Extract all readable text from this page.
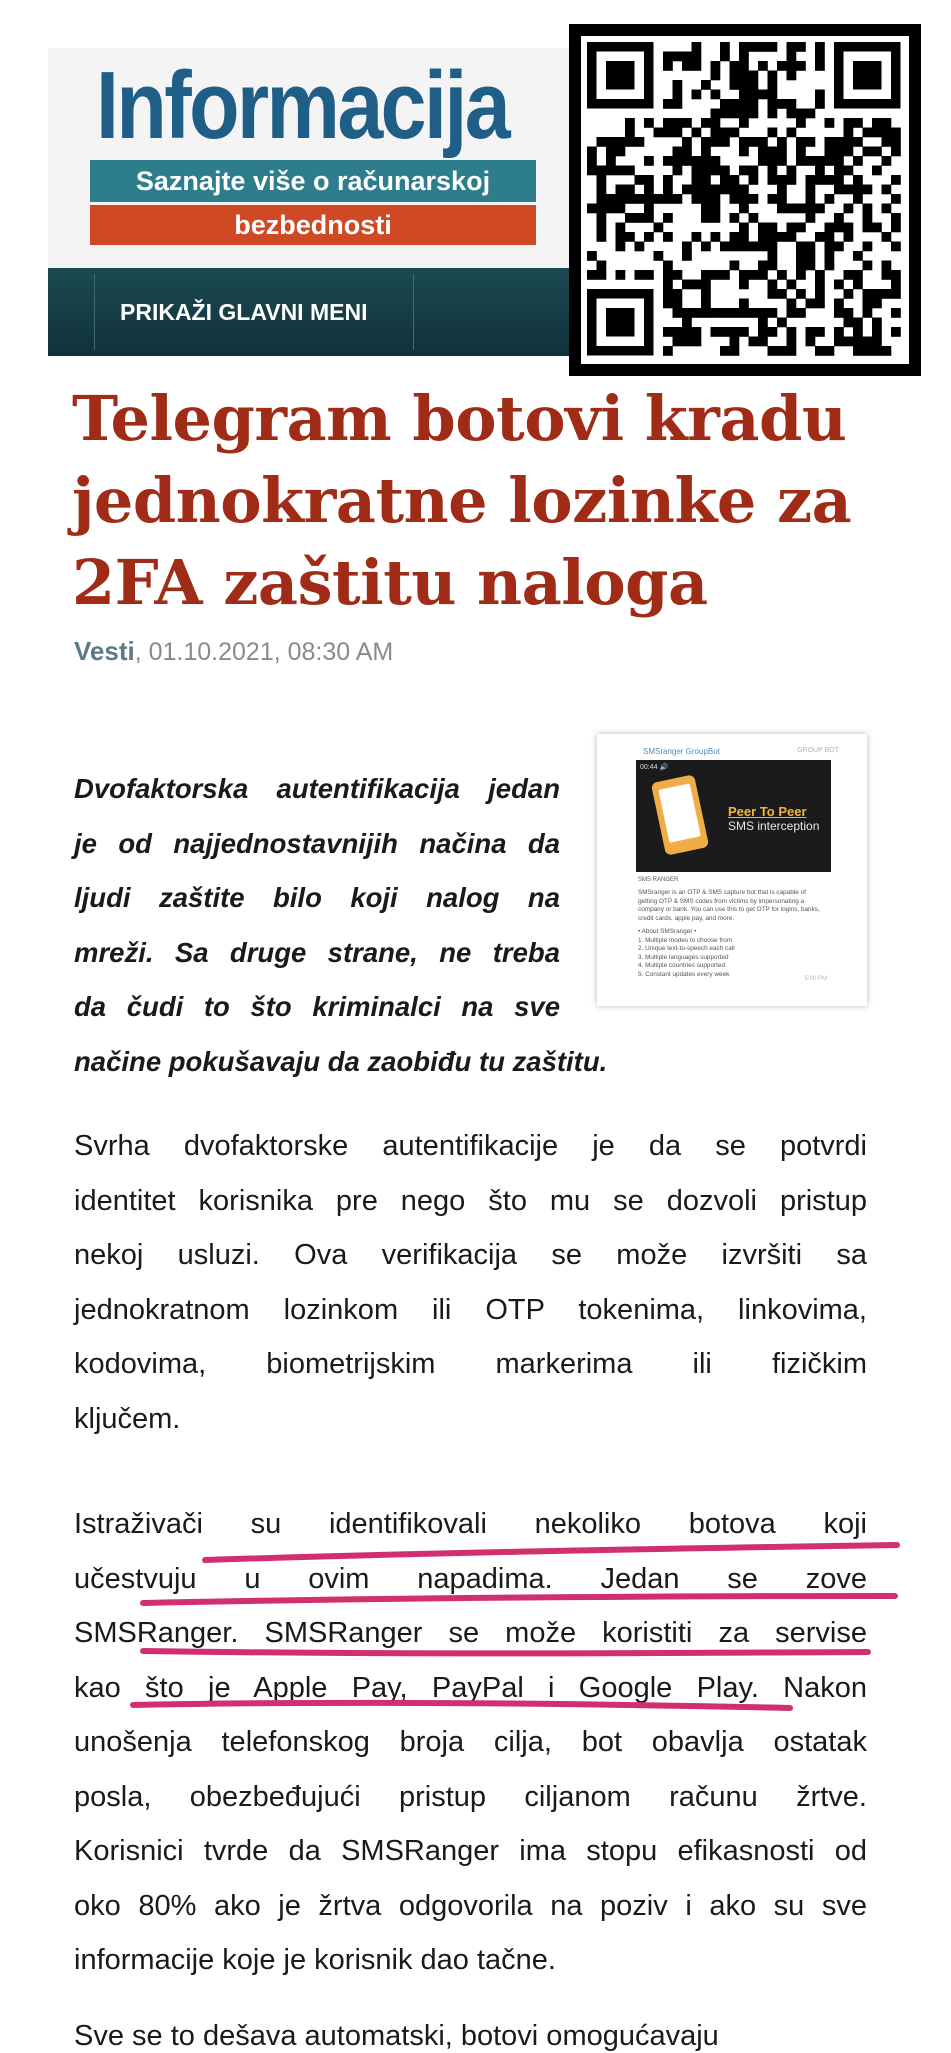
Informacija
Saznajte više o računarskoj
bezbednosti
PRIKAŽI GLAVNI MENI
Telegram botovi kradu jednokratne lozinke za 2FA zaštitu naloga
Vesti, 01.10.2021, 08:30 AM
SMSranger GroupBot	GROUP BOT
00:44 🔊
Peer To Peer
SMS interception
SMS RANGER
SMSranger is an OTP & SMS capture bot that is capable of getting OTP & SMS codes from victims by impersonating a company or bank. You can use this to get OTP for logins, banks, credit cards, apple pay, and more.
• About SMSranger •
1. Multiple modes to choose from
2. Unique text-to-speech each call
3. Multiple languages supported
4. Multiple countries supported
5. Constant updates every week
5:00 PM

Dvofaktorska autentifikacija jedan
je od najjednostavnijih načina da
ljudi zaštite bilo koji nalog na
mreži. Sa druge strane, ne treba
da čudi to što kriminalci na sve
načine pokušavaju da zaobiđu tu zaštitu.

Svrha dvofaktorske autentifikacije je da se potvrdi
identitet korisnika pre nego što mu se dozvoli pristup
nekoj usluzi. Ova verifikacija se može izvršiti sa
jednokratnom lozinkom ili OTP tokenima, linkovima,
kodovima, biometrijskim markerima ili fizičkim
ključem.

Istraživači su identifikovali nekoliko botova koji
učestvuju u ovim napadima. Jedan se zove
SMSRanger. SMSRanger se može koristiti za servise
kao što je Apple Pay, PayPal i Google Play. Nakon
unošenja telefonskog broja cilja, bot obavlja ostatak
posla, obezbeđujući pristup ciljanom računu žrtve.
Korisnici tvrde da SMSRanger ima stopu efikasnosti od
oko 80% ako je žrtva odgovorila na poziv i ako su sve
informacije koje je korisnik dao tačne.

Sve se to dešava automatski, botovi omogućavaju
